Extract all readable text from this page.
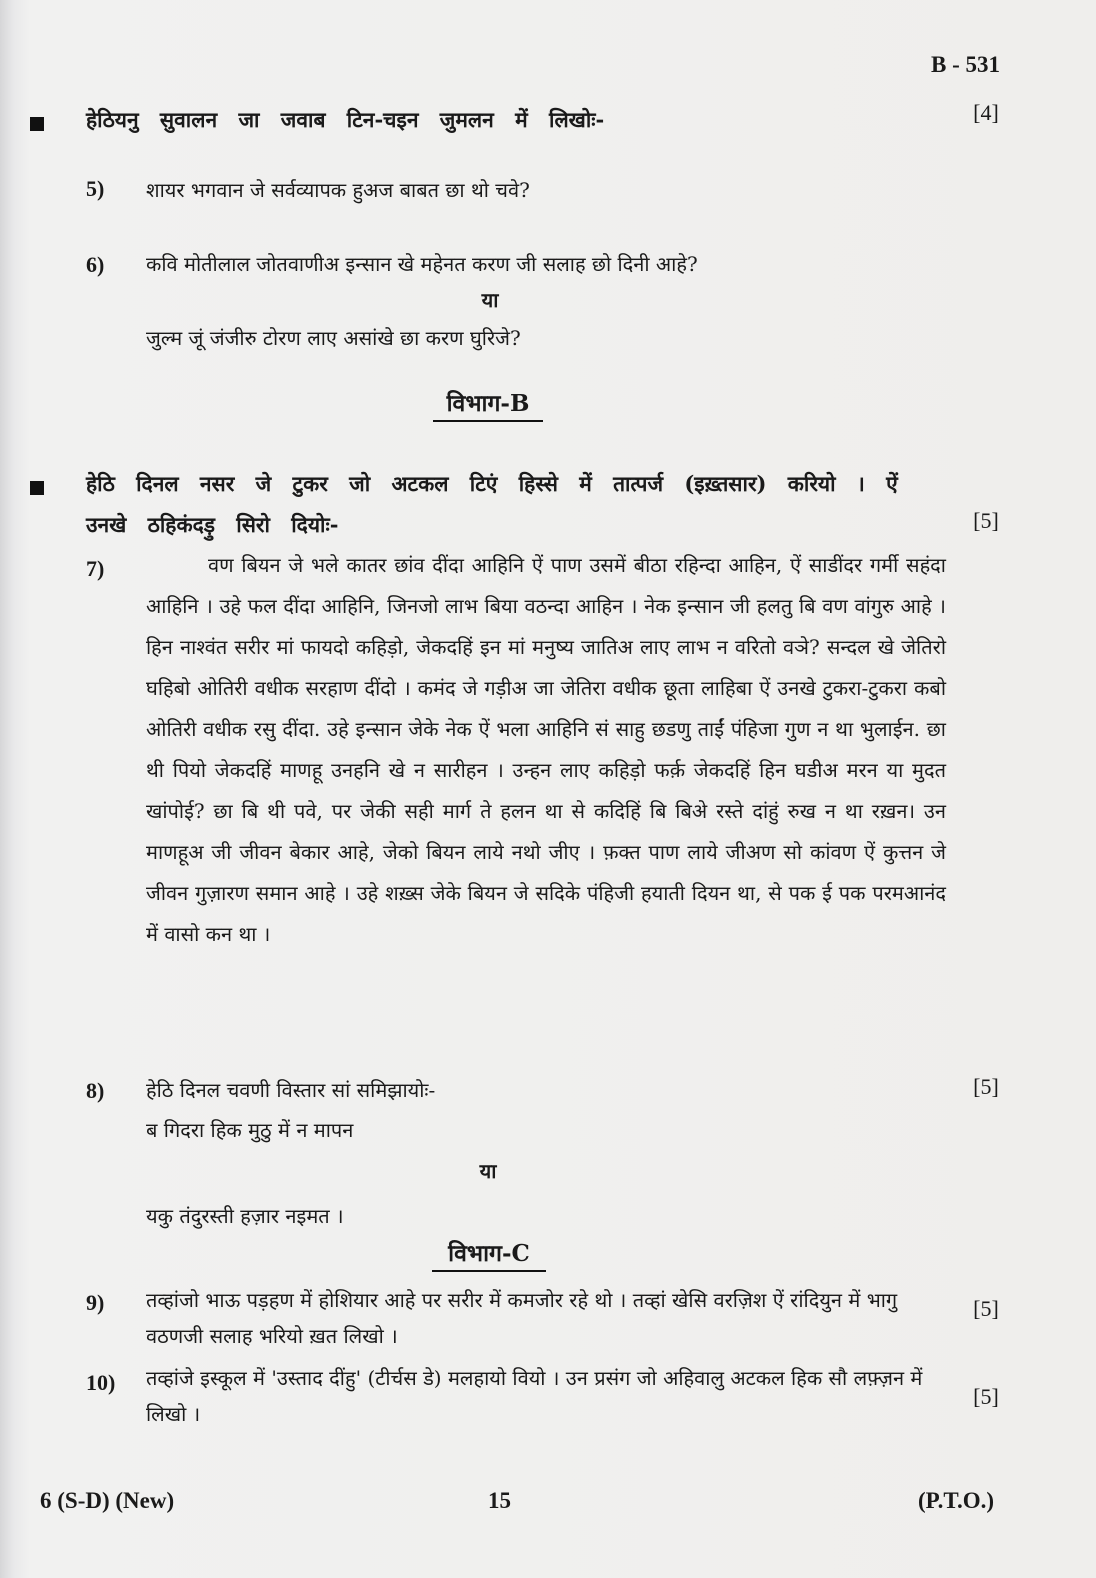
B - 531
हेठियनु सुवालन जा जवाब टिन-चइन जुमलन में लिखोः-	[4]
5) शायर भगवान जे सर्वव्यापक हुअज बाबत छा थो चवे?
6) कवि मोतीलाल जोतवाणीअ इन्सान खे महेनत करण जी सलाह छो दिनी आहे?
या
जुल्म जूं जंजीरु टोरण लाए असांखे छा करण घुरिजे?
विभाग-B
हेठि दिनल नसर जे टुकर जो अटकल टिएं हिस्से में तात्पर्ज (इख़्तसार) करियो । ऐं
उनखे ठहिकंदड़ु सिरो दियोः-	[5]
7)	वण बियन जे भले कातर छांव दींदा आहिनि ऐं पाण उसमें बीठा रहिन्दा आहिन, ऐं साडींदर गर्मी सहंदा आहिनि । उहे फल दींदा आहिनि, जिनजो लाभ बिया वठन्दा आहिन । नेक इन्सान जी हलतु बि वण वांगुरु आहे । हिन नाश्वंत सरीर मां फायदो कहिड़ो, जेकदहिं इन मां मनुष्य जातिअ लाए लाभ न वरितो वञे? सन्दल खे जेतिरो घहिबो ओतिरी वधीक सरहाण दींदो । कमंद जे गड़ीअ जा जेतिरा वधीक छूता लाहिबा ऐं उनखे टुकरा-टुकरा कबो ओतिरी वधीक रसु दींदा. उहे इन्सान जेके नेक ऐं भला आहिनि सं साहु छडणु ताईं पंहिजा गुण न था भुलाईन. छा थी पियो जेकदहिं माणहू उनहनि खे न सारीहन । उन्हन लाए कहिड़ो फर्क़ जेकदहिं हिन घडीअ मरन या मुदत खांपोई? छा बि थी पवे, पर जेकी सही मार्ग ते हलन था से कदिहिं बि बिअे रस्ते दांहुं रुख न था रख़न। उन माणहूअ जी जीवन बेकार आहे, जेको बियन लाये नथो जीए । फ़क्त पाण लाये जीअण सो कांवण ऐं कुत्तन जे जीवन गुज़ारण समान आहे । उहे शख़्स जेके बियन जे सदिके पंहिजी हयाती दियन था, से पक ई पक परमआनंद में वासो कन था ।
8) हेठि दिनल चवणी विस्तार सां समिझायोः-	[5]
ब गिदरा हिक मुठु में न मापन
या
यकु तंदुरस्ती हज़ार नइमत ।
विभाग-C
9) तव्हांजो भाऊ पड़हण में होशियार आहे पर सरीर में कमजोर रहे थो । तव्हां खेसि वरज़िश ऐं रांदियुन में भागु वठणजी सलाह भरियो ख़त लिखो ।
[5]
10) तव्हांजे इस्कूल में 'उस्ताद दींहु' (टीर्चस डे) मलहायो वियो । उन प्रसंग जो अहिवालु अटकल हिक सौ लफ़्ज़न में लिखो ।
[5]
6 (S-D) (New)	15	(P.T.O.)
